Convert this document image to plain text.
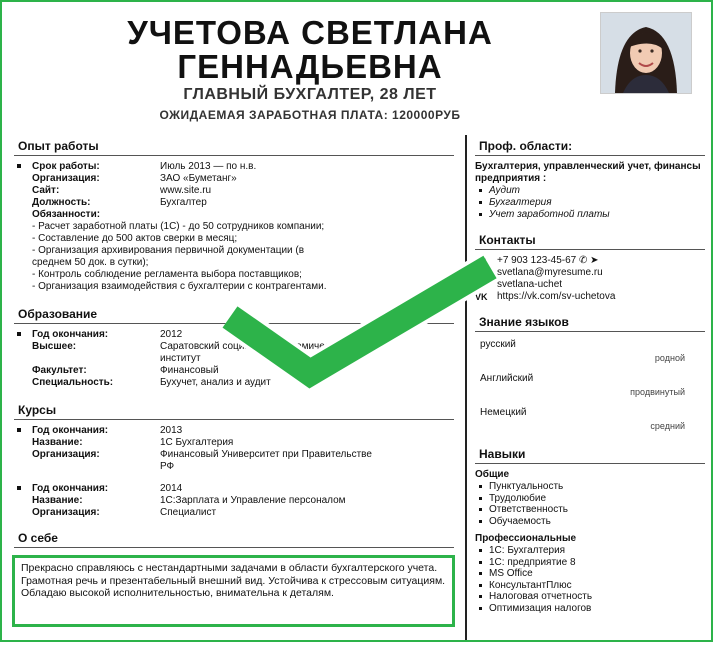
УЧЕТОВА СВЕТЛАНА
ГЕННАДЬЕВНА
ГЛАВНЫЙ БУХГАЛТЕР, 28 ЛЕТ
ОЖИДАЕМАЯ ЗАРАБОТНАЯ ПЛАТА: 120000РУБ
Опыт работы
Срок работы:	Июль 2013 — по н.в.
Организация:	ЗАО «Буметанг»
Сайт:	www.site.ru
Должность:	Бухгалтер
Обязанности:
- Расчет заработной платы (1С) - до 50 сотрудников компании;
- Составление до 500 актов сверки в месяц;
- Организация архивирования первичной документации (в
среднем 50 док. в сутки);
- Контроль соблюдение регламента выбора поставщиков;
- Организация взаимодействия с бухгалтерии с контрагентами.
Образование
Год окончания:	2012
Высшее:	Саратовский социально-экономический
институт
Факультет:	Финансовый
Специальность:	Бухучет, анализ и аудит
Курсы
Год окончания:	2013
Название:	1С Бухгалтерия
Организация:	Финансовый Университет при Правительстве
РФ
Год окончания:	2014
Название:	1С:Зарплата и Управление персоналом
Организация:	Специалист
О себе
Прекрасно справляюсь с нестандартными задачами в области бухгалтерского учета. Грамотная речь и презентабельный внешний вид. Устойчива к стрессовым ситуациям. Обладаю высокой исполнительностью, внимательна к деталям.
Проф. области:
Бухгалтерия, управленческий учет, финансы предприятия :
Аудит
Бухгалтерия
Учет заработной платы
Контакты
☎	+7 903 123-45-67 ✆ ➤
✉	svetlana@myresume.ru
S	svetlana-uchet
VK https://vk.com/sv-uchetova
Знание языков
русский
родной
Английский
продвинутый
Немецкий
средний
Навыки
Общие
Пунктуальность
Трудолюбие
Ответственность
Обучаемость
Профессиональные
1С: Бухгалтерия
1С: предприятие 8
MS Office
КонсультантПлюс
Налоговая отчетность
Оптимизация налогов
